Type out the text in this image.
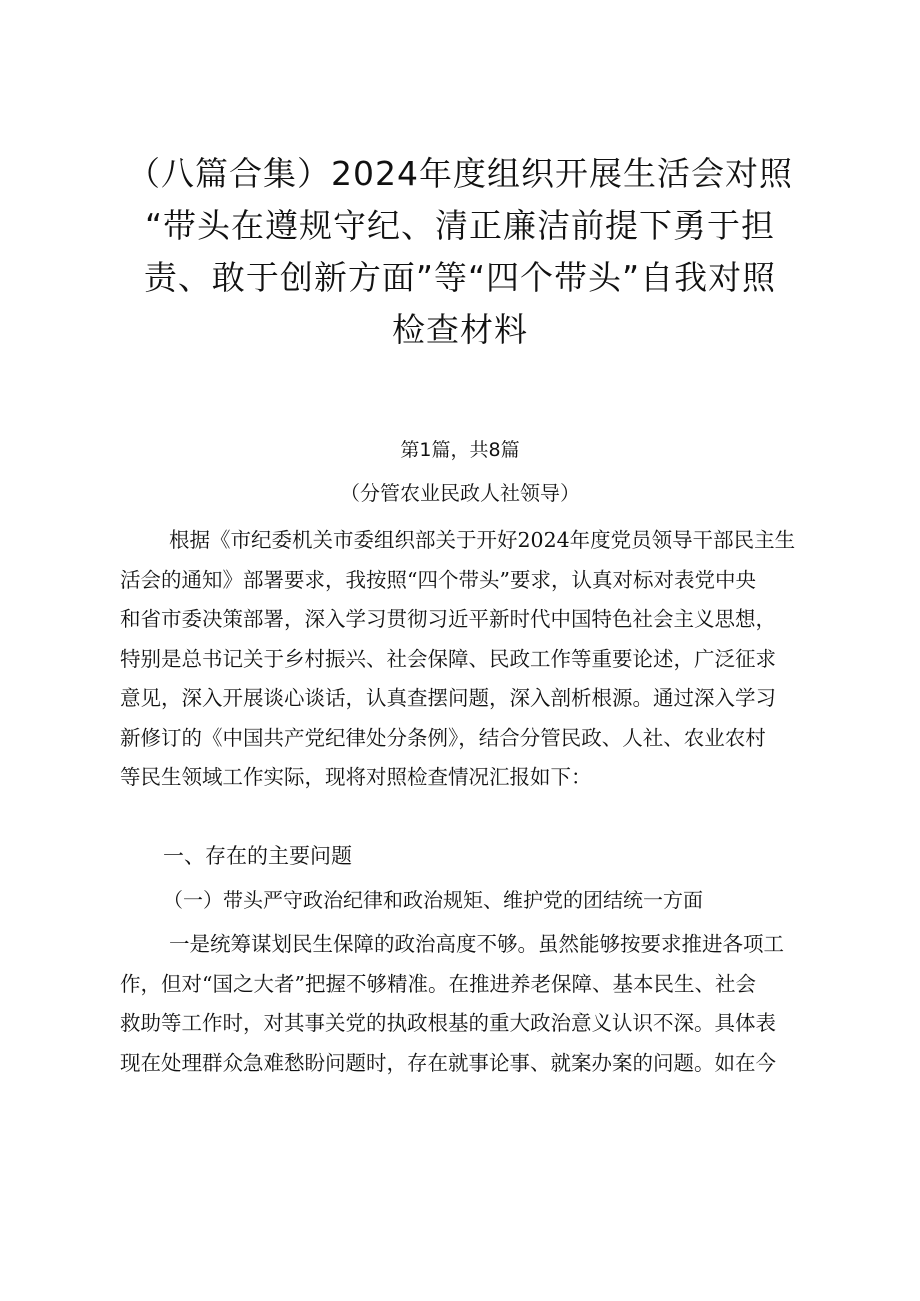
（八篇合集）2024年度组织开展生活会对照
“带头在遵规守纪、清正廉洁前提下勇于担
责、敢于创新方面”等“四个带头”自我对照
检查材料
第1篇，共8篇
（分管农业民政人社领导）
根据《市纪委机关市委组织部关于开好2024年度党员领导干部民主生
活会的通知》部署要求，我按照“四个带头”要求，认真对标对表党中央
和省市委决策部署，深入学习贯彻习近平新时代中国特色社会主义思想，
特别是总书记关于乡村振兴、社会保障、民政工作等重要论述，广泛征求
意见，深入开展谈心谈话，认真查摆问题，深入剖析根源。通过深入学习
新修订的《中国共产党纪律处分条例》，结合分管民政、人社、农业农村
等民生领域工作实际，现将对照检查情况汇报如下：
一、存在的主要问题
（一）带头严守政治纪律和政治规矩、维护党的团结统一方面
一是统筹谋划民生保障的政治高度不够。虽然能够按要求推进各项工
作，但对“国之大者”把握不够精准。在推进养老保障、基本民生、社会
救助等工作时，对其事关党的执政根基的重大政治意义认识不深。具体表
现在处理群众急难愁盼问题时，存在就事论事、就案办案的问题。如在今
